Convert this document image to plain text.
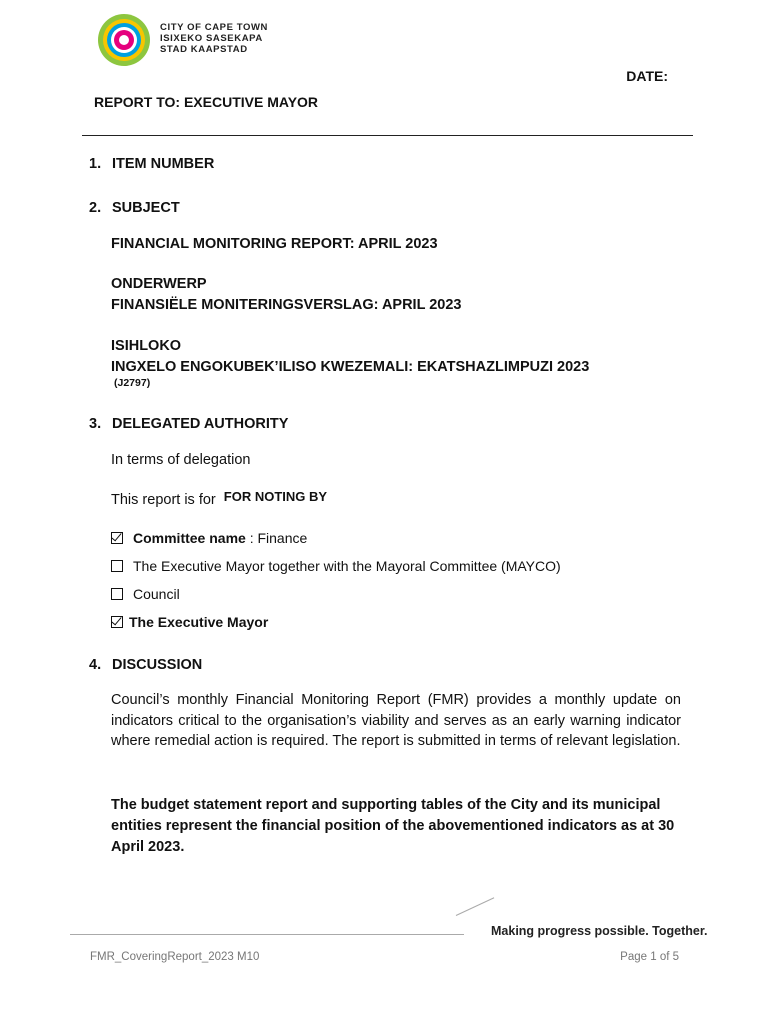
CITY OF CAPE TOWN
ISIXEKO SASEKAPA
STAD KAAPSTAD
DATE:
REPORT TO: EXECUTIVE MAYOR
1. ITEM NUMBER
2. SUBJECT
FINANCIAL MONITORING REPORT: APRIL 2023
ONDERWERP
FINANSIËLE MONITERINGSVERSLAG: APRIL 2023
ISIHLOKO
INGXELO ENGOKUBEK’ILISO KWEZEMALI: EKATSHAZLIMPUZI 2023
(J2797)
3. DELEGATED AUTHORITY
In terms of delegation
This report is for FOR NOTING BY
Committee name : Finance
The Executive Mayor together with the Mayoral Committee (MAYCO)
Council
The Executive Mayor
4. DISCUSSION
Council’s monthly Financial Monitoring Report (FMR) provides a monthly update on indicators critical to the organisation’s viability and serves as an early warning indicator where remedial action is required. The report is submitted in terms of relevant legislation.
The budget statement report and supporting tables of the City and its municipal entities represent the financial position of the abovementioned indicators as at 30 April 2023.
Making progress possible. Together.
FMR_CoveringReport_2023 M10	Page 1 of 5
